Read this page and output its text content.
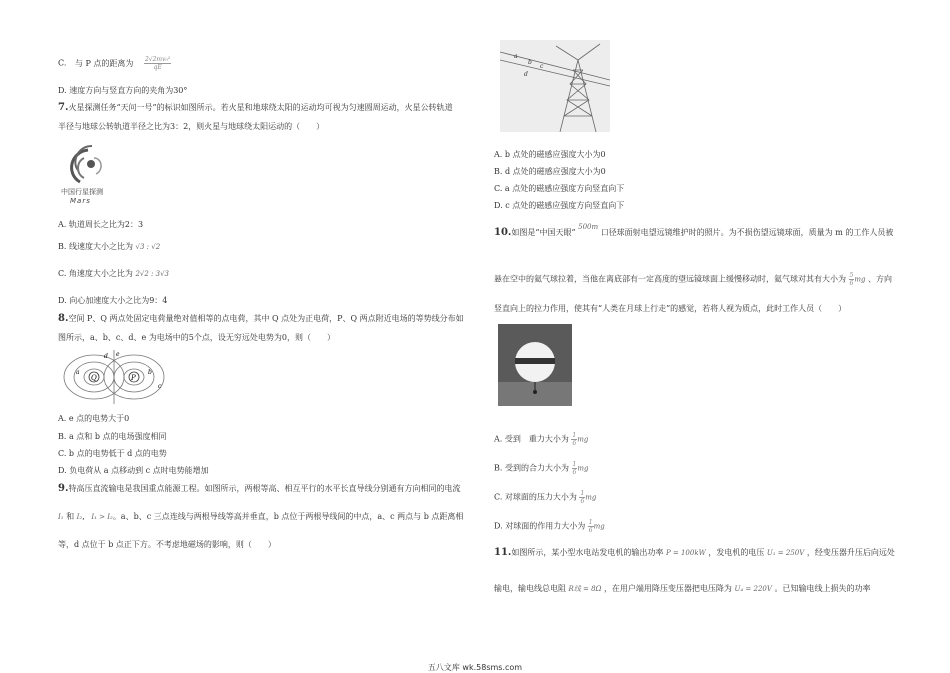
C. 与 P 点的距离为 $\frac{\text{2√2mv₀²}}{qE}$
D. 速度方向与竖直方向的夹角为30°
7.火星探测任务“天问一号”的标识如图所示。若火星和地球绕太阳的运动均可视为匀速圆周运动，火星公转轨道
半径与地球公转轨道半径之比为3：2，则火星与地球绕太阳运动的（　　）
中国行星探测
Mars
A. 轨道周长之比为2：3
B. 线速度大小之比为 √3 : √2
C. 角速度大小之比为 2√2 : 3√3
D. 向心加速度大小之比为9：4
8.空间 P、Q 两点处固定电荷量绝对值相等的点电荷，其中 Q 点处为正电荷，P、Q 两点附近电场的等势线分布如
图所示，a、b、c、d、e 为电场中的5个点，设无穷远处电势为0，则（　　）
Q	P
a	b
c
d e
A. e 点的电势大于0
B. a 点和 b 点的电场强度相同
C. b 点的电势低于 d 点的电势
D. 负电荷从 a 点移动到 c 点时电势能增加
9.特高压直流输电是我国重点能源工程。如图所示，两根等高、相互平行的水平长直导线分别通有方向相同的电流
I₁ 和 I₂, I₁ > I₂。a、b、c 三点连线与两根导线等高并垂直，b 点位于两根导线间的中点，a、c 两点与 b 点距离相
等，d 点位于 b 点正下方。不考虑地磁场的影响，则（　　）
a
b
c
d
A. b 点处的磁感应强度大小为0
B. d 点处的磁感应强度大小为0
C. a 点处的磁感应强度方向竖直向下
D. c 点处的磁感应强度方向竖直向下
10.如图是“中国天眼” 500m 口径球面射电望远镜维护时的照片。为不损伤望远镜球面，质量为 m 的工作人员被
悬在空中的氦气球拉着，当他在离底部有一定高度的望远镜球面上缓慢移动时，氦气球对其有大小为 $\frac{5}{6}$ mg 、方向
竖直向上的拉力作用，使其有“人类在月球上行走”的感觉，若将人视为质点，此时工作人员（　　）
A. 受到　重力大小为 $\frac{1}{6}$ mg
B. 受到的合力大小为 $\frac{1}{6}$ mg
C. 对球面的压力大小为 $\frac{1}{6}$ mg
D. 对球面的作用力大小为 $\frac{1}{6}$ mg
11.如图所示，某小型水电站发电机的输出功率 P = 100kW ，发电机的电压 U₁ = 250V ，经变压器升压后向远处
输电，输电线总电阻 R线 = 8Ω ，在用户端用降压变压器把电压降为 U₄ = 220V 。已知输电线上损失的功率
五八文库 wk.58sms.com
